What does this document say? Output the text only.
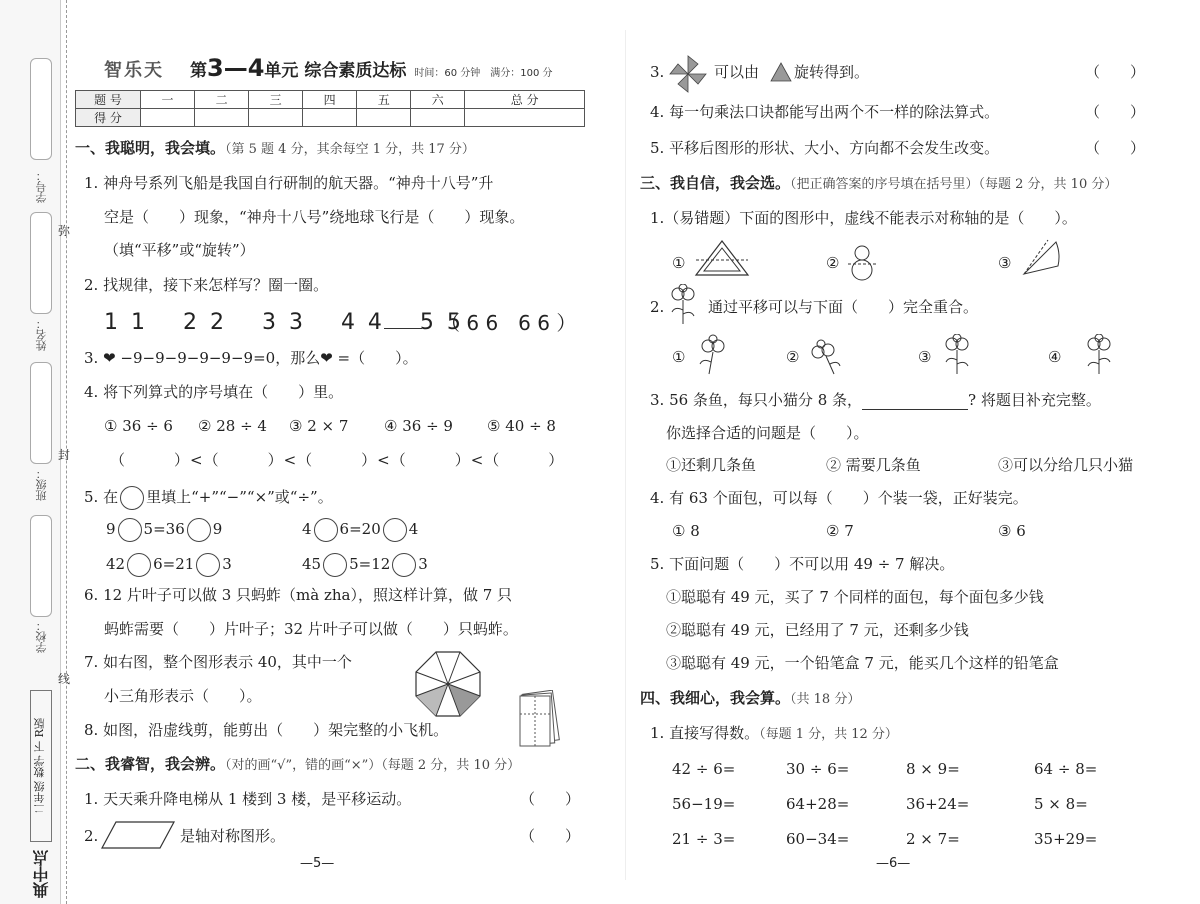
学号：
姓名：
班级：
学校：
弥
封
线
二年级 数学 下 R版
典中点
智乐天 第3—4单元 综合素质达标 时间：60 分钟　满分：100 分
题 号	一	二	三	四	五	六	总 分
得 分							
一、我聪明，我会填。（第 5 题 4 分，其余每空 1 分，共 17 分）
1. 神舟号系列飞船是我国自行研制的航天器。“神舟十八号”升
空是（　　）现象，“神舟十八号”绕地球飞行是（　　）现象。
（填“平移”或“旋转”）
2. 找规律，接下来怎样写？圈一圈。
1 1　 2 2　 3 3　 4 4　 5 5
（ 6 6　6 6 ）
3. ❤ −9−9−9−9−9−9=0，那么❤ =（　　）。
4. 将下列算式的序号填在（　　）里。
① 36 ÷ 6 ② 28 ÷ 4 ③ 2 × 7 ④ 36 ÷ 9 ⑤ 40 ÷ 8
（　　　）<（　　　）<（　　　）<（　　　）<（　　　）
5. 在 里填上“+”“−”“×”或“÷”。
9 5=36 9	4 6=20 4
42 6=21 3	45 5=12 3
6. 12 片叶子可以做 3 只蚂蚱（mà zha），照这样计算，做 7 只
蚂蚱需要（　　）片叶子；32 片叶子可以做（　　）只蚂蚱。
7. 如右图，整个图形表示 40，其中一个
小三角形表示（　　）。
8. 如图，沿虚线剪，能剪出（　　）架完整的小飞机。
二、我睿智，我会辨。（对的画“√”，错的画“×”）（每题 2 分，共 10 分）
1. 天天乘升降电梯从 1 楼到 3 楼，是平移运动。	（　　）
2.	是轴对称图形。	（　　）
—5—
3.	可以由 旋转得到。	（　　）
4. 每一句乘法口诀都能写出两个不一样的除法算式。	（　　）
5. 平移后图形的形状、大小、方向都不会发生改变。	（　　）
三、我自信，我会选。（把正确答案的序号填在括号里）（每题 2 分，共 10 分）
1.（易错题）下面的图形中，虚线不能表示对称轴的是（　　）。
①	②	③
2.	通过平移可以与下面（　　）完全重合。
①	②	③	④
3. 56 条鱼，每只小猫分 8 条，	? 将题目补充完整。
你选择合适的问题是（　　）。
①还剩几条鱼	② 需要几条鱼	③可以分给几只小猫
4. 有 63 个面包，可以每（　　）个装一袋，正好装完。
① 8	② 7	③ 6
5. 下面问题（　　）不可以用 49 ÷ 7 解决。
①聪聪有 49 元，买了 7 个同样的面包，每个面包多少钱
②聪聪有 49 元，已经用了 7 元，还剩多少钱
③聪聪有 49 元，一个铅笔盒 7 元，能买几个这样的铅笔盒
四、我细心，我会算。（共 18 分）
1. 直接写得数。（每题 1 分，共 12 分）
42 ÷ 6=	30 ÷ 6=	8 × 9=	64 ÷ 8=
56−19=	64+28=	36+24=	5 × 8=
21 ÷ 3=	60−34=	2 × 7=	35+29=
—6—
